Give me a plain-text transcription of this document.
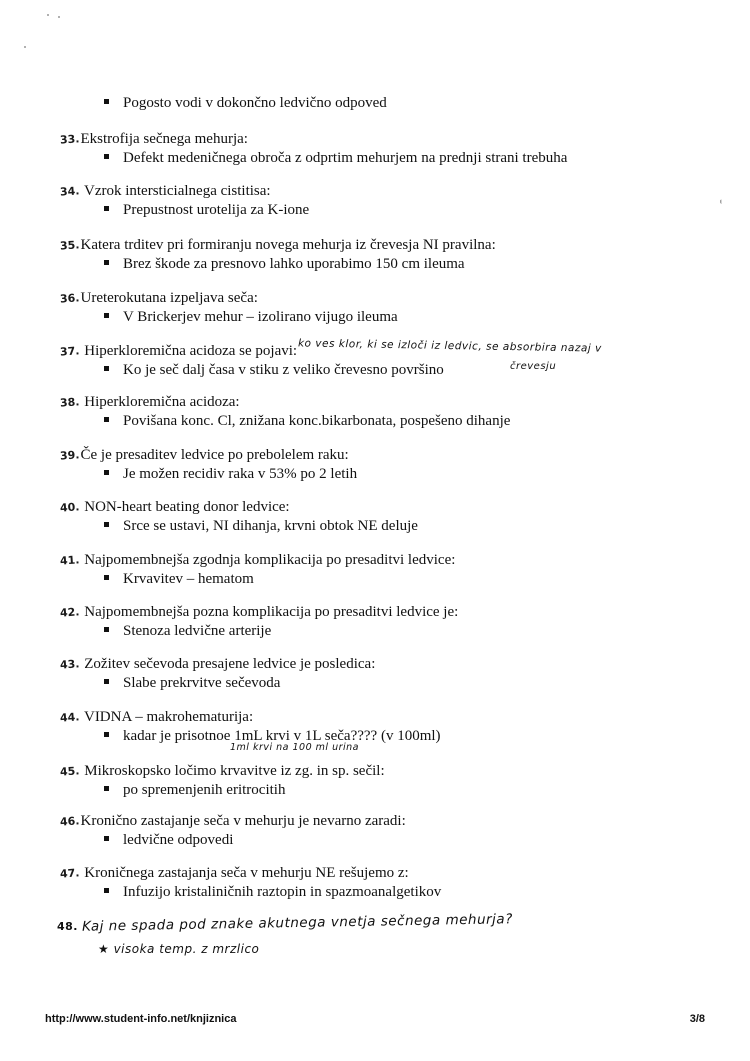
Pogosto vodi v dokončno ledvično odpoved
33.Ekstrofija sečnega mehurja:
Defekt medeničnega obroča z odprtim mehurjem na prednji strani trebuha
34. Vzrok intersticialnega cistitisa:
Prepustnost urotelija za K-ione
35.Katera trditev pri formiranju novega mehurja iz črevesja NI pravilna:
Brez škode za presnovo lahko uporabimo 150 cm ileuma
36.Ureterokutana izpeljava seča:
V Brickerjev mehur – izolirano vijugo ileuma
37. Hiperkloremična acidoza se pojavi:
Ko je seč dalj časa v stiku z veliko črevesno površino
ko ves klor, ki se izloči iz ledvic, se absorbira nazaj v
črevesju
38. Hiperkloremična acidoza:
Povišana konc. Cl, znižana konc.bikarbonata, pospešeno dihanje
39.Če je presaditev ledvice po prebolelem raku:
Je možen recidiv raka v 53% po 2 letih
40. NON-heart beating donor ledvice:
Srce se ustavi, NI dihanja, krvni obtok NE deluje
41. Najpomembnejša zgodnja komplikacija po presaditvi ledvice:
Krvavitev – hematom
42. Najpomembnejša pozna komplikacija po presaditvi ledvice je:
Stenoza ledvične arterije
43. Zožitev sečevoda presajene ledvice je posledica:
Slabe prekrvitve sečevoda
44. VIDNA – makrohematurija:
kadar je prisotnoe 1mL krvi v 1L seča???? (v 100ml)
1ml krvi na 100 ml urina
45. Mikroskopsko ločimo krvavitve iz zg. in sp. sečil:
po spremenjenih eritrocitih
46.Kronično zastajanje seča v mehurju je nevarno zaradi:
ledvične odpovedi
47. Kroničnega zastajanja seča v mehurju NE rešujemo z:
Infuzijo kristaliničnih raztopin in spazmoanalgetikov
48. Kaj ne spada pod znake akutnega vnetja sečnega mehurja?
★ visoka temp. z mrzlico
ı
http://www.student-info.net/knjiznica	3/8
